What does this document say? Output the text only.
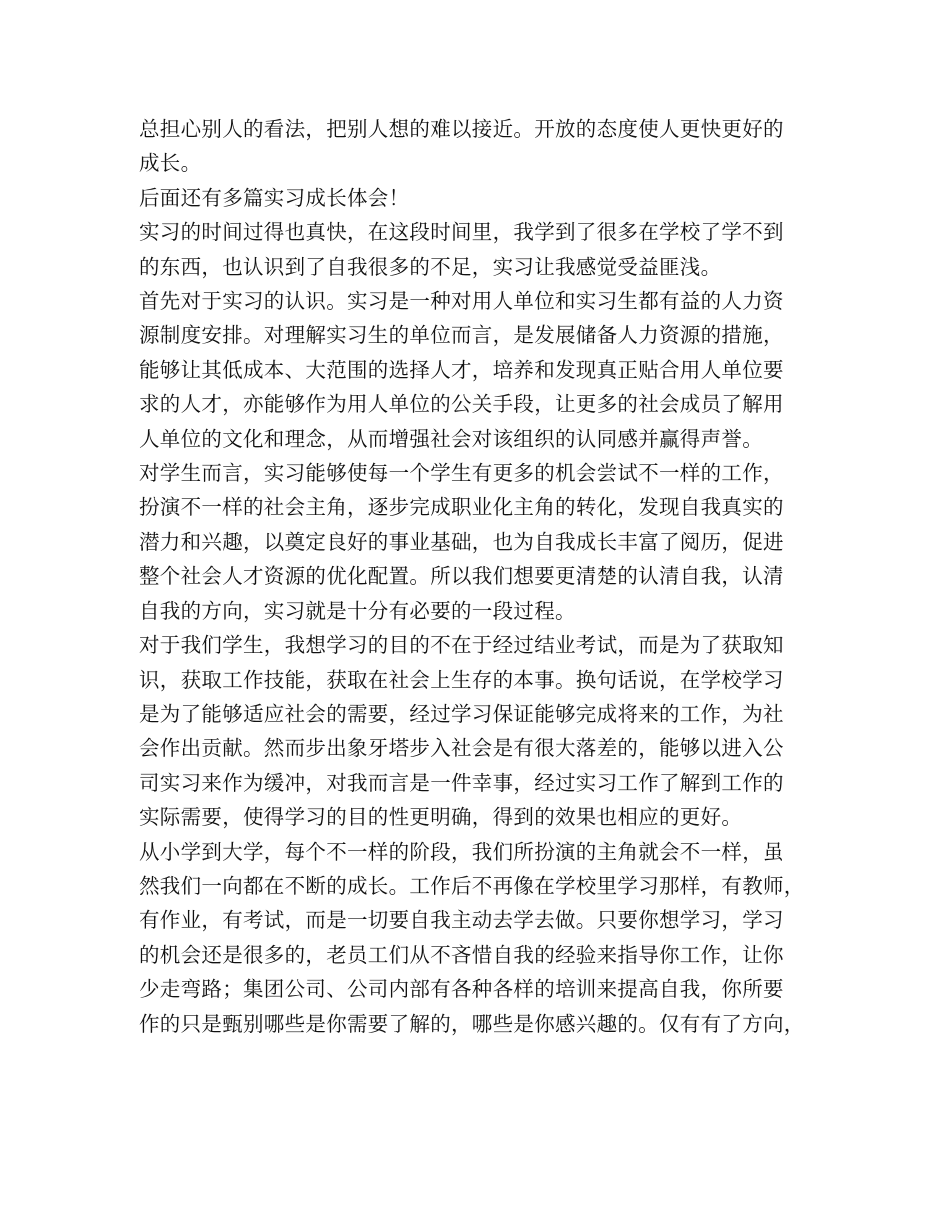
总担心别人的看法，把别人想的难以接近。开放的态度使人更快更好的

成长。

后面还有多篇实习成长体会！

实习的时间过得也真快，在这段时间里，我学到了很多在学校了学不到

的东西，也认识到了自我很多的不足，实习让我感觉受益匪浅。

首先对于实习的认识。实习是一种对用人单位和实习生都有益的人力资

源制度安排。对理解实习生的单位而言，是发展储备人力资源的措施，

能够让其低成本、大范围的选择人才，培养和发现真正贴合用人单位要

求的人才，亦能够作为用人单位的公关手段，让更多的社会成员了解用

人单位的文化和理念，从而增强社会对该组织的认同感并赢得声誉。

对学生而言，实习能够使每一个学生有更多的机会尝试不一样的工作，

扮演不一样的社会主角，逐步完成职业化主角的转化，发现自我真实的

潜力和兴趣，以奠定良好的事业基础，也为自我成长丰富了阅历，促进

整个社会人才资源的优化配置。所以我们想要更清楚的认清自我，认清

自我的方向，实习就是十分有必要的一段过程。

对于我们学生，我想学习的目的不在于经过结业考试，而是为了获取知

识，获取工作技能，获取在社会上生存的本事。换句话说，在学校学习

是为了能够适应社会的需要，经过学习保证能够完成将来的工作，为社

会作出贡献。然而步出象牙塔步入社会是有很大落差的，能够以进入公

司实习来作为缓冲，对我而言是一件幸事，经过实习工作了解到工作的

实际需要，使得学习的目的性更明确，得到的效果也相应的更好。

从小学到大学，每个不一样的阶段，我们所扮演的主角就会不一样，虽

然我们一向都在不断的成长。工作后不再像在学校里学习那样，有教师，

有作业，有考试，而是一切要自我主动去学去做。只要你想学习，学习

的机会还是很多的，老员工们从不吝惜自我的经验来指导你工作，让你

少走弯路；集团公司、公司内部有各种各样的培训来提高自我，你所要

作的只是甄别哪些是你需要了解的，哪些是你感兴趣的。仅有有了方向，
